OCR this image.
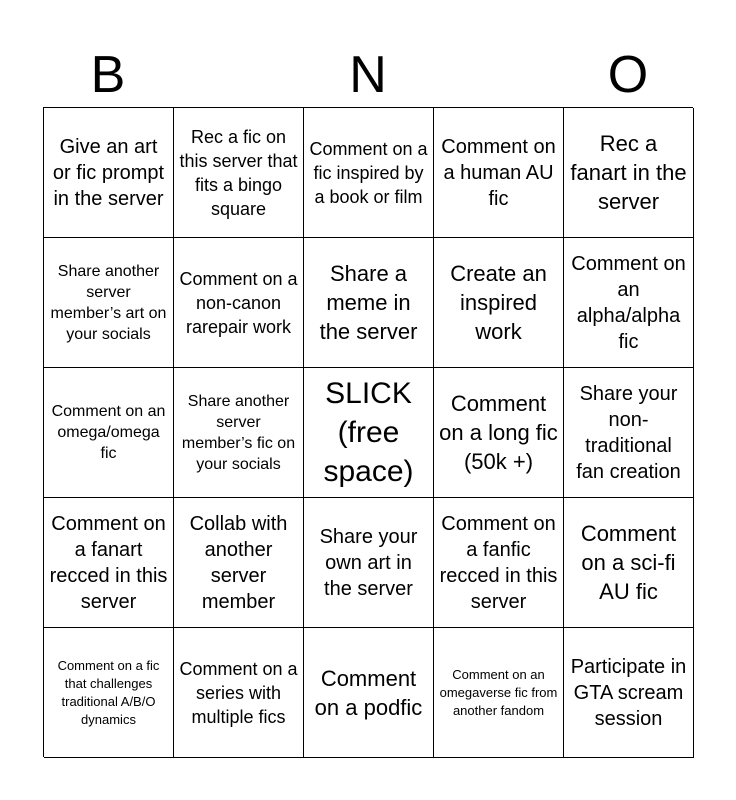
B	N	O
Give an art or fic prompt in the server
Rec a fic on this server that fits a bingo square
Comment on a fic inspired by a book or film
Comment on a human AU fic
Rec a fanart in the server
Share another server member’s art on your socials
Comment on a non-canon rarepair work
Share a meme in the server
Create an inspired work
Comment on an alpha/alpha fic
Comment on an omega/omega fic
Share another server member’s fic on your socials
SLICK (free space)
Comment on a long fic (50k +)
Share your non-traditional fan creation
Comment on a fanart recced in this server
Collab with another server member
Share your own art in the server
Comment on a fanfic recced in this server
Comment on a sci-fi AU fic
Comment on a fic that challenges traditional A/B/O dynamics
Comment on a series with multiple fics
Comment on a podfic
Comment on an omegaverse fic from another fandom
Participate in GTA scream session
